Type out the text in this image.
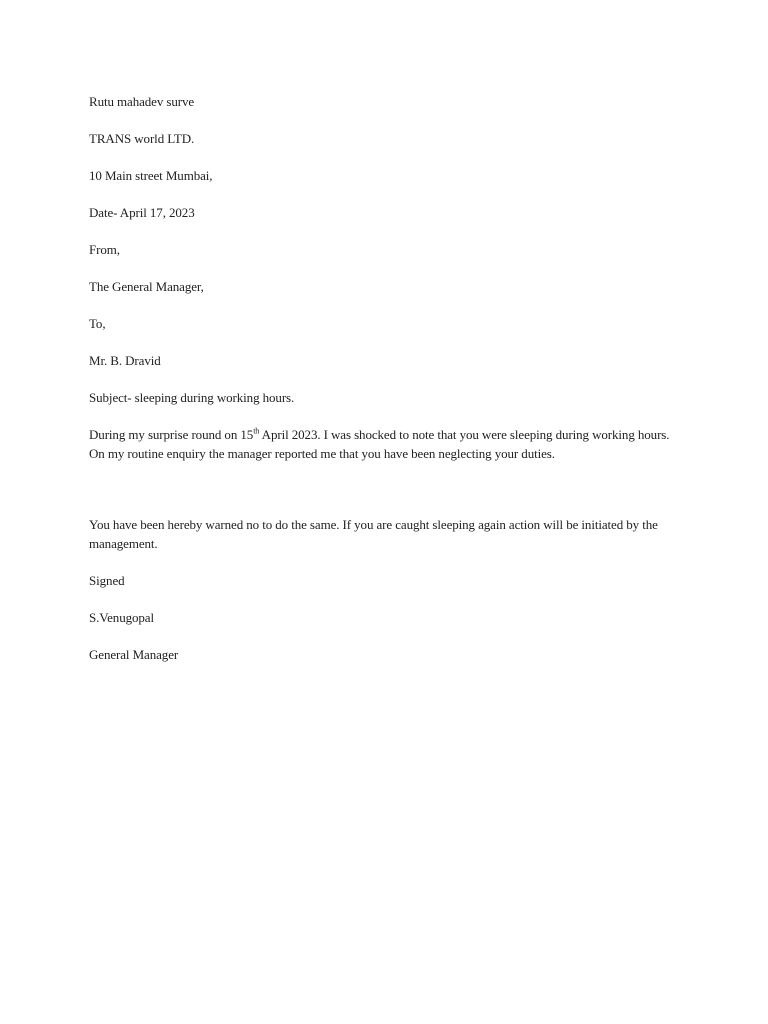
Rutu mahadev surve

TRANS world LTD.

10 Main street Mumbai,

Date- April 17, 2023

From,

The General Manager,

To,

Mr. B. Dravid

Subject- sleeping during working hours.

During my surprise round on 15th April 2023. I was shocked to note that you were sleeping during working hours. On my routine enquiry the manager reported me that you have been neglecting your duties.

You have been hereby warned no to do the same. If you are caught sleeping again action will be initiated by the management.

Signed

S.Venugopal

General Manager
